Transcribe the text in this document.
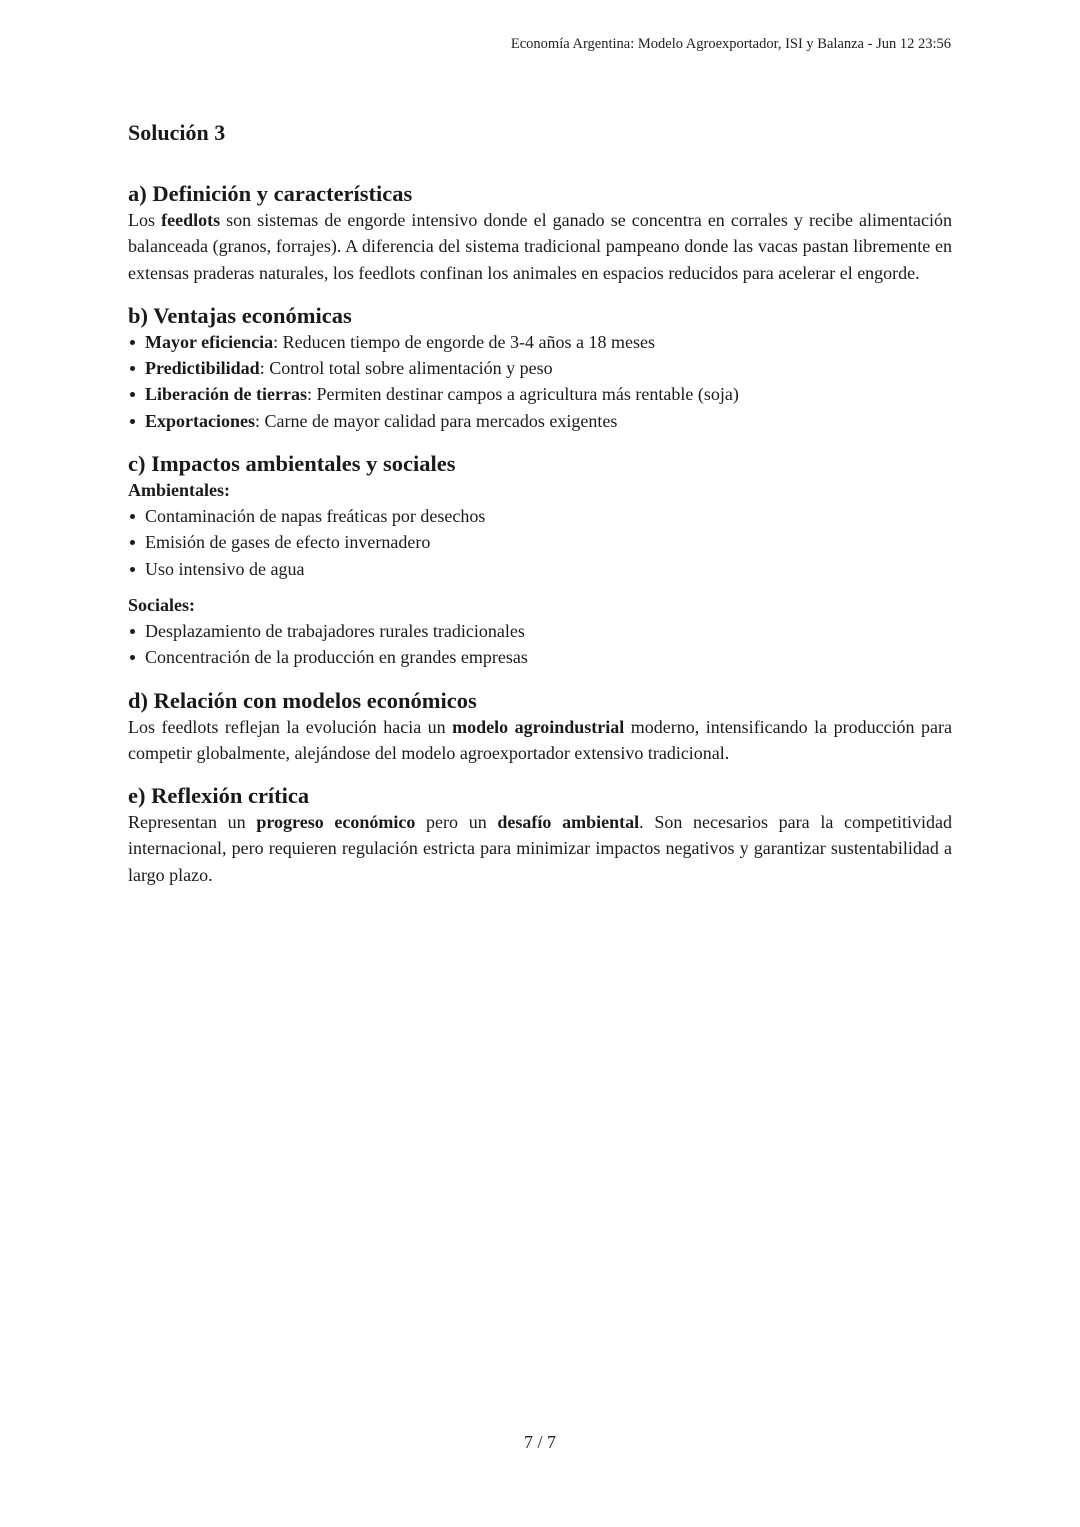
Economía Argentina: Modelo Agroexportador, ISI y Balanza - Jun 12 23:56
Solución 3
a) Definición y características

Los feedlots son sistemas de engorde intensivo donde el ganado se concentra en corrales y recibe alimentación balanceada (granos, forrajes). A diferencia del sistema tradicional pampeano donde las vacas pastan libremente en extensas praderas naturales, los feedlots confinan los animales en espacios reducidos para acelerar el engorde.

b) Ventajas económicas
Mayor eficiencia: Reducen tiempo de engorde de 3-4 años a 18 meses
Predictibilidad: Control total sobre alimentación y peso
Liberación de tierras: Permiten destinar campos a agricultura más rentable (soja)
Exportaciones: Carne de mayor calidad para mercados exigentes
c) Impactos ambientales y sociales
Ambientales:
Contaminación de napas freáticas por desechos
Emisión de gases de efecto invernadero
Uso intensivo de agua
Sociales:
Desplazamiento de trabajadores rurales tradicionales
Concentración de la producción en grandes empresas
d) Relación con modelos económicos

Los feedlots reflejan la evolución hacia un modelo agroindustrial moderno, intensificando la producción para competir globalmente, alejándose del modelo agroexportador extensivo tradicional.

e) Reflexión crítica

Representan un progreso económico pero un desafío ambiental. Son necesarios para la competitividad internacional, pero requieren regulación estricta para minimizar impactos negativos y garantizar sustentabilidad a largo plazo.

7 / 7
